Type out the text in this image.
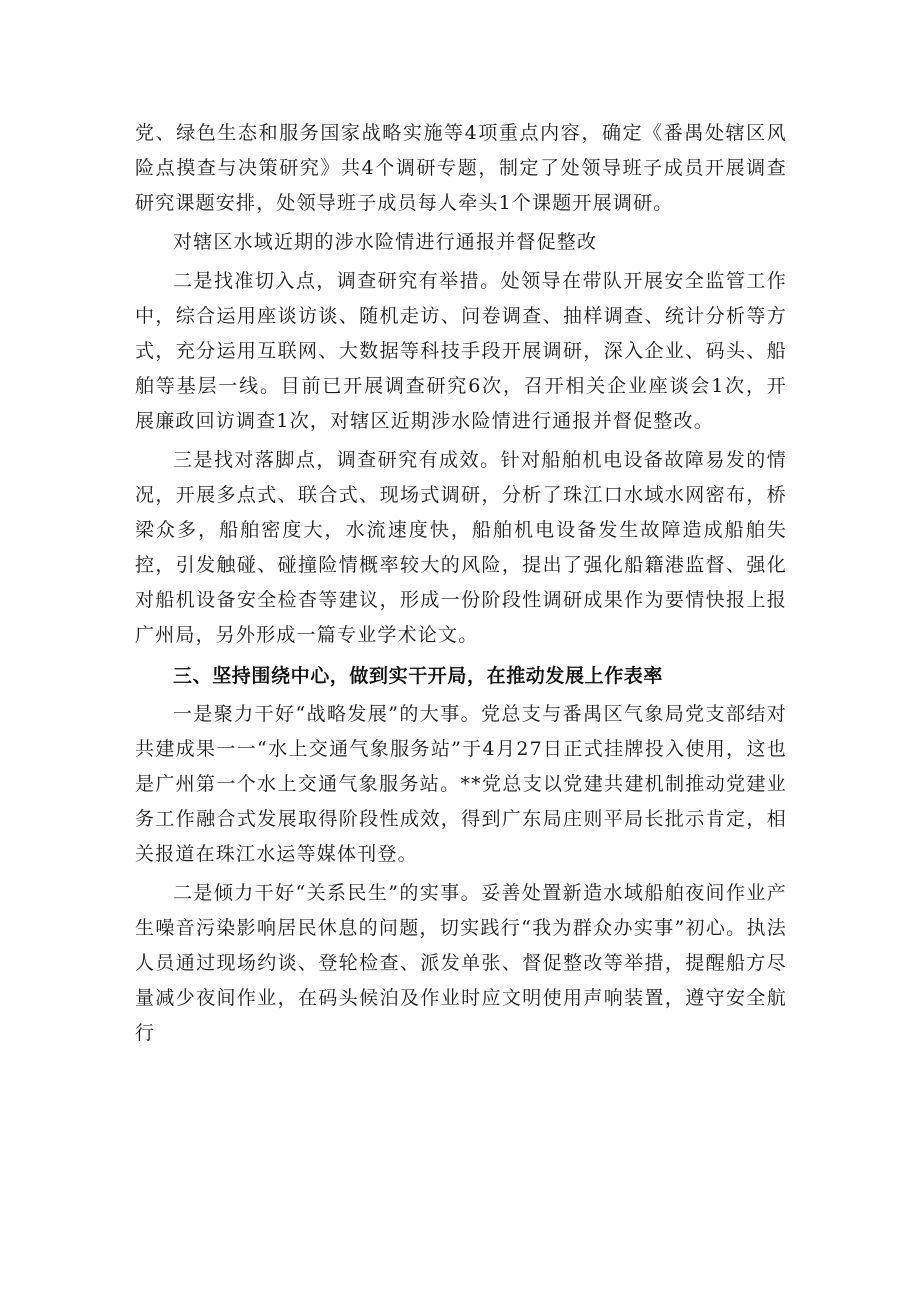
党、绿色生态和服务国家战略实施等4项重点内容，确定《番禺处辖区风险点摸查与决策研究》共4个调研专题，制定了处领导班子成员开展调查研究课题安排，处领导班子成员每人牵头1个课题开展调研。

对辖区水域近期的涉水险情进行通报并督促整改

二是找准切入点，调查研究有举措。处领导在带队开展安全监管工作中，综合运用座谈访谈、随机走访、问卷调查、抽样调查、统计分析等方式，充分运用互联网、大数据等科技手段开展调研，深入企业、码头、船舶等基层一线。目前已开展调查研究6次，召开相关企业座谈会1次，开展廉政回访调查1次，对辖区近期涉水险情进行通报并督促整改。

三是找对落脚点，调查研究有成效。针对船舶机电设备故障易发的情况，开展多点式、联合式、现场式调研，分析了珠江口水域水网密布，桥梁众多，船舶密度大，水流速度快，船舶机电设备发生故障造成船舶失控，引发触碰、碰撞险情概率较大的风险，提出了强化船籍港监督、强化对船机设备安全检杳等建议，形成一份阶段性调研成果作为要情快报上报广州局，另外形成一篇专业学术论文。

三、坚持围绕中心，做到实干开局，在推动发展上作表率

一是聚力干好“战略发展”的大事。党总支与番禺区气象局党支部结对共建成果一一“水上交通气象服务站”于4月27日正式挂牌投入使用，这也是广州第一个水上交通气象服务站。**党总支以党建共建机制推动党建业务工作融合式发展取得阶段性成效，得到广东局庄则平局长批示肯定，相关报道在珠江水运等媒体刊登。

二是倾力干好“关系民生”的实事。妥善处置新造水域船舶夜间作业产生噪音污染影响居民休息的问题，切实践行“我为群众办实事”初心。执法人员通过现场约谈、登轮检查、派发单张、督促整改等举措，提醒船方尽量减少夜间作业，在码头候泊及作业时应文明使用声响装置，遵守安全航行
